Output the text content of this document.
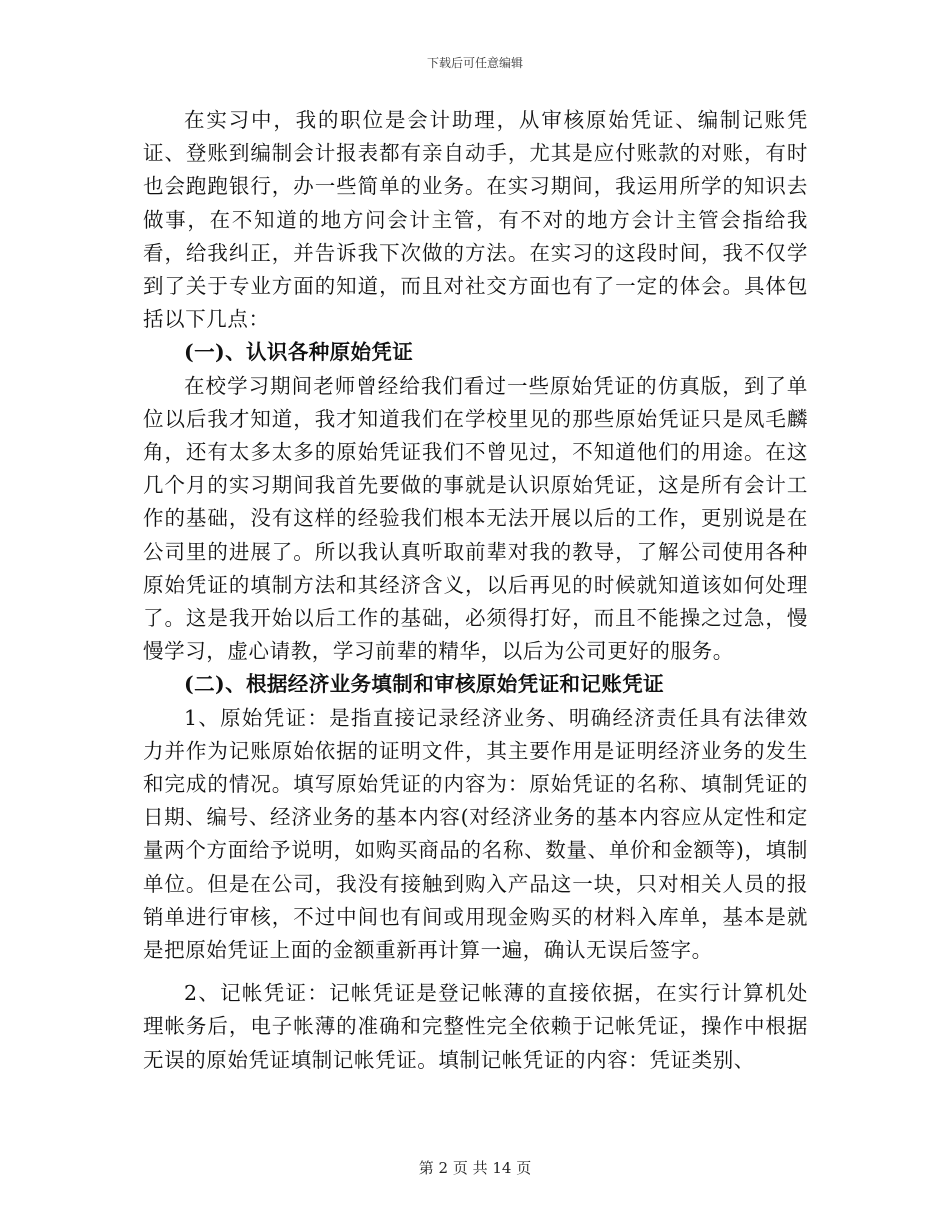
下载后可任意编辑

在实习中，我的职位是会计助理，从审核原始凭证、编制记账凭证、登账到编制会计报表都有亲自动手，尤其是应付账款的对账，有时也会跑跑银行，办一些简单的业务。在实习期间，我运用所学的知识去做事，在不知道的地方问会计主管，有不对的地方会计主管会指给我看，给我纠正，并告诉我下次做的方法。在实习的这段时间，我不仅学到了关于专业方面的知道，而且对社交方面也有了一定的体会。具体包括以下几点：

(一)、认识各种原始凭证

在校学习期间老师曾经给我们看过一些原始凭证的仿真版，到了单位以后我才知道，我才知道我们在学校里见的那些原始凭证只是凤毛麟角，还有太多太多的原始凭证我们不曾见过，不知道他们的用途。在这几个月的实习期间我首先要做的事就是认识原始凭证，这是所有会计工作的基础，没有这样的经验我们根本无法开展以后的工作，更别说是在公司里的进展了。所以我认真听取前辈对我的教导，了解公司使用各种原始凭证的填制方法和其经济含义，以后再见的时候就知道该如何处理了。这是我开始以后工作的基础，必须得打好，而且不能操之过急，慢慢学习，虚心请教，学习前辈的精华，以后为公司更好的服务。

(二)、根据经济业务填制和审核原始凭证和记账凭证

1、原始凭证：是指直接记录经济业务、明确经济责任具有法律效力并作为记账原始依据的证明文件，其主要作用是证明经济业务的发生和完成的情况。填写原始凭证的内容为：原始凭证的名称、填制凭证的日期、编号、经济业务的基本内容(对经济业务的基本内容应从定性和定量两个方面给予说明，如购买商品的名称、数量、单价和金额等)，填制单位。但是在公司，我没有接触到购入产品这一块，只对相关人员的报销单进行审核，不过中间也有间或用现金购买的材料入库单，基本是就是把原始凭证上面的金额重新再计算一遍，确认无误后签字。

2、记帐凭证：记帐凭证是登记帐薄的直接依据，在实行计算机处理帐务后，电子帐薄的准确和完整性完全依赖于记帐凭证，操作中根据无误的原始凭证填制记帐凭证。填制记帐凭证的内容：凭证类别、

第 2 页 共 14 页
